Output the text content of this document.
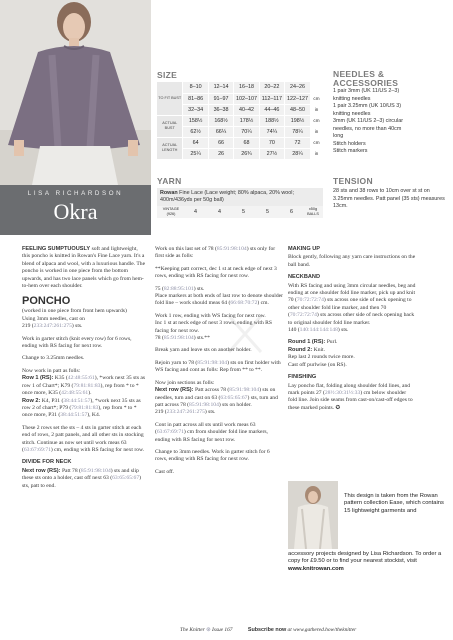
LISA RICHARDSON
Okra
SIZE
TO FIT BUST	8–10	12–14	16–18	20–22	24–26	
	81–86	91–97	102–107	112–117	122–127	cm
	32–34	36–38	40–42	44–46	48–50	in
ACTUAL BUST	158½	168½	178½	188½	198½	cm
	62½	66¼	70¼	74¼	78¼	in
ACTUAL LENGTH	64	66	68	70	72	cm
	25¼	26	26¾	27½	28¼	in
NEEDLES & ACCESSORIES
1 pair 3mm (UK 11/US 2–3)
knitting needles
1 pair 3.25mm (UK 10/US 3)
knitting needles
3mm (UK 11/US 2–3) circular
needles, no more than 40cm
long
Stitch holders
Stitch markers
YARN
Rowan Fine Lace (Lace weight; 80% alpaca, 20% wool; 400m/436yds per 50g ball)
VINTAGE (926)	4	4	5	5	6	x50g BALLS
TENSION
28 sts and 38 rows to 10cm over st st on 3.25mm needles. Patt panel (35 sts) measures 13cm.

FEELING SUMPTUOUSLY soft and lightweight, this poncho is knitted in Rowan's Fine Lace yarn. It's a blend of alpaca and wool, with a luxurious handle. The poncho is worked in one piece from the bottom upwards, and has two lace panels which go from hem-to-hem over each shoulder.

PONCHO

(worked in one piece from front hem upwards)
Using 3mm needles, cast on
219 (233:247:261:275) sts.

Work in garter stitch (knit every row) for 6 rows, ending with RS facing for next row.

Change to 3.25mm needles.

Now work in patt as folls:
Row 1 (RS): K35 (42:48:55:61), *work next 35 sts as row 1 of Chart*; K79 (79:81:81:83), rep from * to * once more, K35 (42:48:55:61).
Row 2: K4, P31 (38:44:51:57), *work next 35 sts as row 2 of chart*; P79 (79:81:81:83), rep from * to * once more, P31 (38:44:51:57), K4.

These 2 rows set the sts – 4 sts in garter stitch at each end of rows, 2 patt panels, and all other sts in stocking stitch. Continue as now set until work meas 63 (63:67:69:71) cm, ending with RS facing for next row.

DIVIDE FOR NECK

Next row (RS): Patt 78 (85:91:98:104) sts and slip these sts onto a holder, cast off next 63 (63:65:65:67) sts, patt to end.

Work on this last set of 78 (85:91:98:104) sts only for first side as folls:

**Keeping patt correct, dec 1 st at neck edge of next 3 rows, ending with RS facing for next row.

75 (82:88:95:101) sts.
Place markers at both ends of last row to denote shoulder fold line – work should meas 64 (66:68:70:72) cm.

Work 1 row, ending with WS facing for next row.
Inc 1 st at neck edge of next 3 rows, ending with RS facing for next row.
78 (85:91:98:104) sts.**

Break yarn and leave sts on another holder.

Rejoin yarn to 78 (85:91:98:104) sts on first holder with WS facing and cont as folls: Rep from ** to **.

Now join sections as folls:
Next row (RS): Patt across 78 (85:91:98:104) sts on needles, turn and cast on 63 (63:65:65:67) sts, turn and patt across 78 (85:91:98:104) sts on holder.
219 (233:247:261:275) sts.

Cont in patt across all sts until work meas 63 (63:67:69:71) cm from shoulder fold line markers, ending with RS facing for next row.

Change to 3mm needles. Work in garter stitch for 6 rows, ending with RS facing for next row.

Cast off.

MAKING UP

Block gently, following any yarn care instructions on the ball band.

NECKBAND

With RS facing and using 3mm circular needles, beg and ending at one shoulder fold line marker, pick up and knit 70 (70:72:72:74) sts across one side of neck opening to other shoulder fold line marker, and then 70 (70:72:72:74) sts across other side of neck opening back to original shoulder fold line marker.
140 (140:144:144:148) sts.

Round 1 (RS): Purl.
Round 2: Knit.
Rep last 2 rounds twice more.
Cast off purlwise (on RS).

FINISHING

Lay poncho flat, folding along shoulder fold lines, and mark points 27 (28½:30:31½:33) cm below shoulder fold line. Join side seams from cast-on/cast-off edges to these marked points. ✪

This design is taken from the Rowan pattern collection Ease, which contains 15 lightweight garments and
accessory projects designed by Lisa Richardson. To order a copy for £9.50 or to find your nearest stockist, visit www.knitrowan.com
The Knitter ⊛ Issue 167	Subscribe now at www.gathered.how/theknitter
